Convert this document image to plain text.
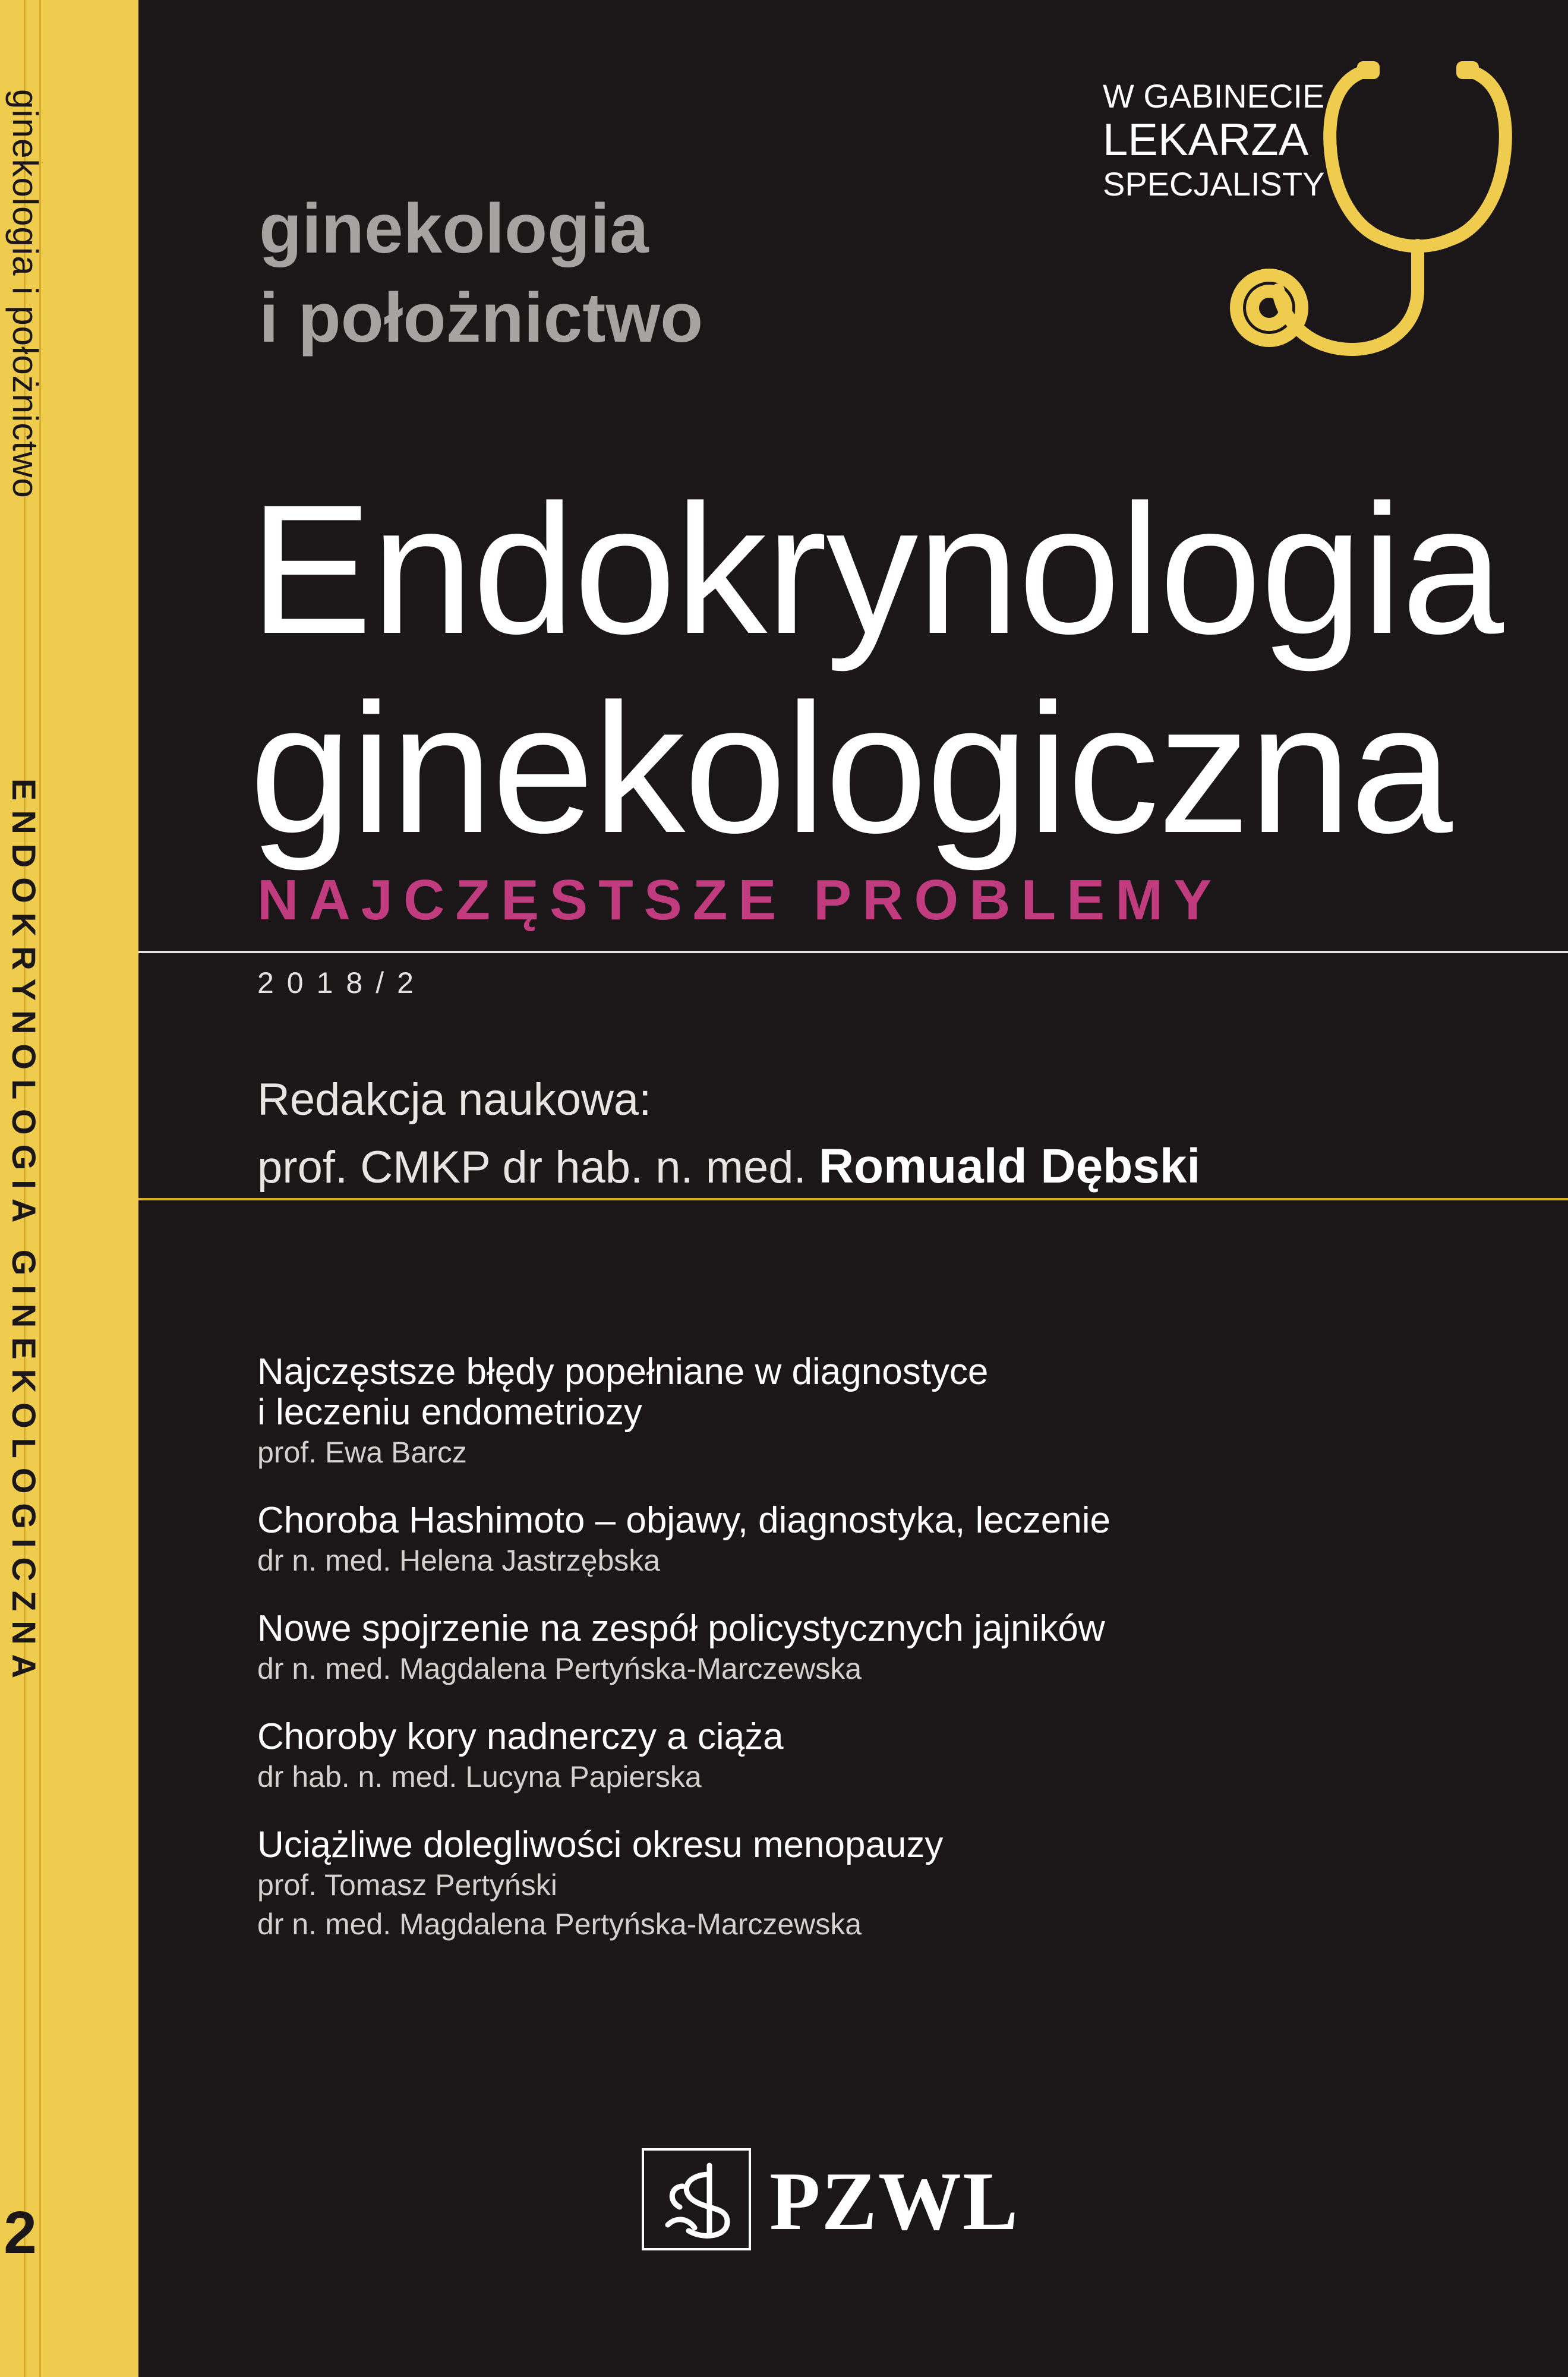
ginekologia i położnictwo
ENDOKRYNOLOGIA GINEKOLOGICZNA
2
ginekologia
i położnictwo
W GABINECIE
LEKARZA
SPECJALISTY
Endokrynologia
ginekologiczna
NAJCZĘSTSZE PROBLEMY
2018/2
Redakcja naukowa:
prof. CMKP dr hab. n. med. Romuald Dębski
Najczęstsze błędy popełniane w diagnostyce
i leczeniu endometriozy
prof. Ewa Barcz
Choroba Hashimoto – objawy, diagnostyka, leczenie
dr n. med. Helena Jastrzębska
Nowe spojrzenie na zespół policystycznych jajników
dr n. med. Magdalena Pertyńska-Marczewska
Choroby kory nadnerczy a ciąża
dr hab. n. med. Lucyna Papierska
Uciążliwe dolegliwości okresu menopauzy
prof. Tomasz Pertyński
dr n. med. Magdalena Pertyńska-Marczewska
PZWL
